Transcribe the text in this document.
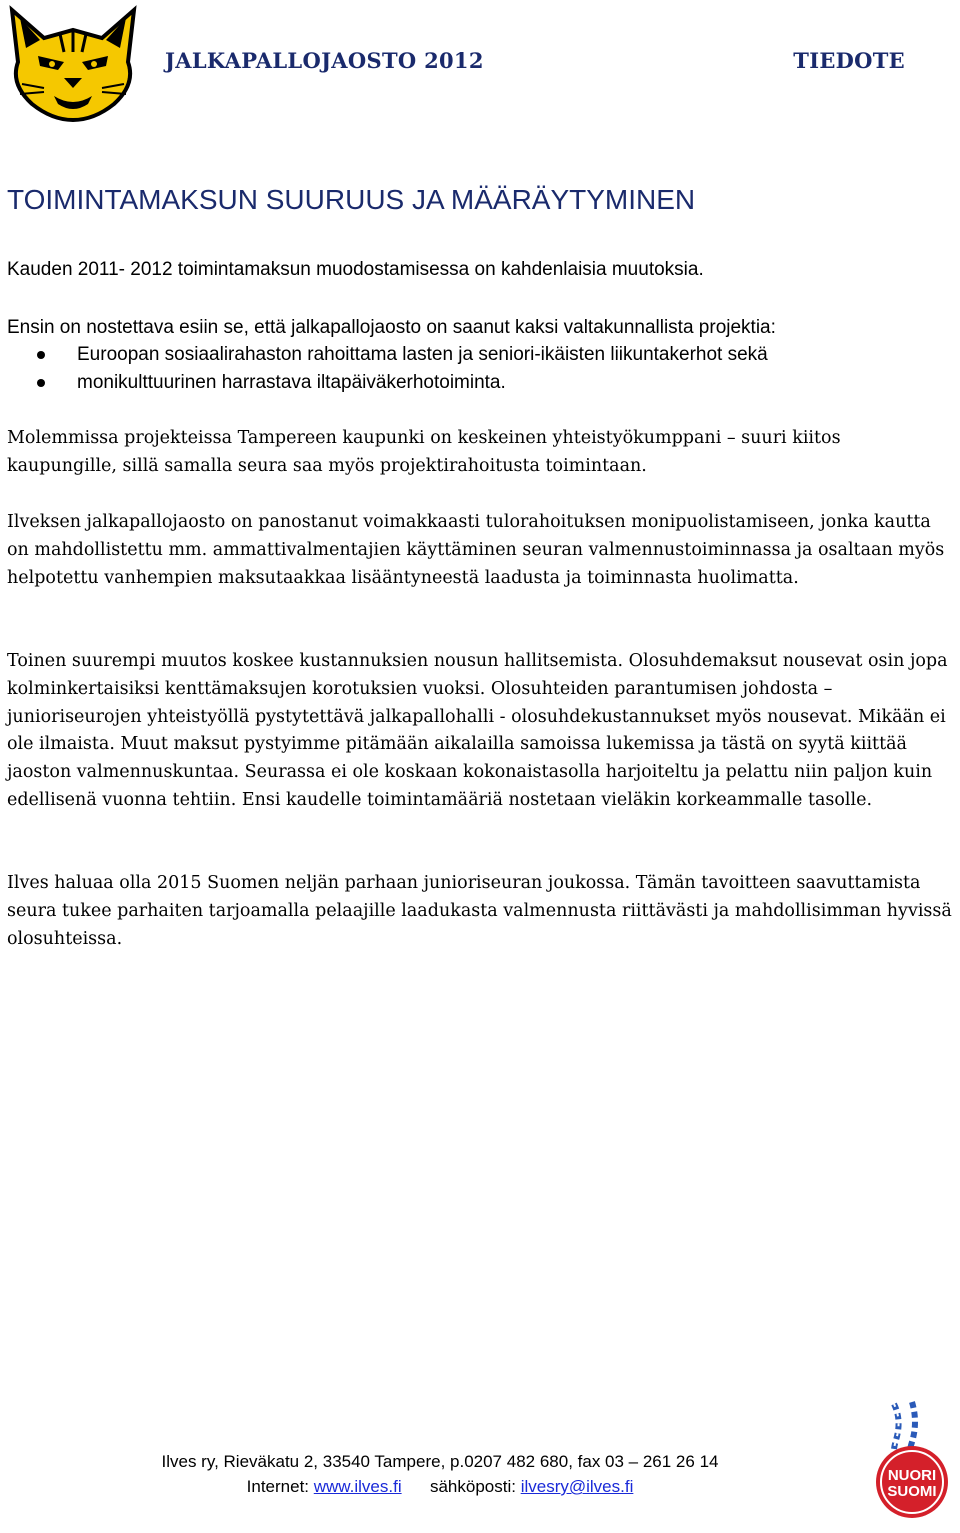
JALKAPALLOJAOSTO 2012	TIEDOTE
TOIMINTAMAKSUN SUURUUS JA MÄÄRÄYTYMINEN

Kauden 2011- 2012 toimintamaksun muodostamisessa on kahdenlaisia muutoksia.

Ensin on nostettava esiin se, että jalkapallojaosto on saanut kaksi valtakunnallista projektia:

Euroopan sosiaalirahaston rahoittama lasten ja seniori-ikäisten liikuntakerhot sekä
monikulttuurinen harrastava iltapäiväkerhotoiminta.

Molemmissa projekteissa Tampereen kaupunki on keskeinen yhteistyökumppani – suuri kiitos kaupungille, sillä samalla seura saa myös projektirahoitusta toimintaan.

Ilveksen jalkapallojaosto on panostanut voimakkaasti tulorahoituksen monipuolistamiseen, jonka kautta on mahdollistettu mm. ammattivalmentajien käyttäminen seuran valmennustoiminnassa ja osaltaan myös helpotettu vanhempien maksutaakkaa lisääntyneestä laadusta ja toiminnasta huolimatta.

Toinen suurempi muutos koskee kustannuksien nousun hallitsemista. Olosuhdemaksut nousevat osin jopa kolminkertaisiksi kenttämaksujen korotuksien vuoksi. Olosuhteiden parantumisen johdosta – junioriseurojen yhteistyöllä pystytettävä jalkapallohalli - olosuhdekustannukset myös nousevat. Mikään ei ole ilmaista. Muut maksut pystyimme pitämään aikalailla samoissa lukemissa ja tästä on syytä kiittää jaoston valmennuskuntaa. Seurassa ei ole koskaan kokonaistasolla harjoiteltu ja pelattu niin paljon kuin edellisenä vuonna tehtiin. Ensi kaudelle toimintamääriä nostetaan vieläkin korkeammalle tasolle.

Ilves haluaa olla 2015 Suomen neljän parhaan junioriseuran joukossa. Tämän tavoitteen saavuttamista seura tukee parhaiten tarjoamalla pelaajille laadukasta valmennusta riittävästi ja mahdollisimman hyvissä olosuhteissa.

Ilves ry, Rieväkatu 2, 33540 Tampere, p.0207 482 680, fax 03 – 261 26 14
Internet: www.ilves.fi sähköposti: ilvesry@ilves.fi
NUORI
SUOMI
